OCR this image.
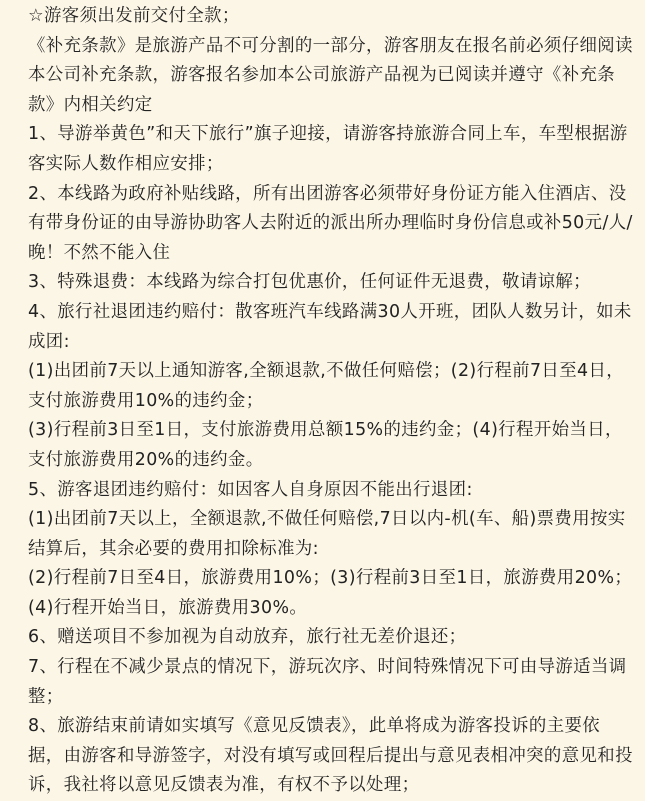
☆游客须出发前交付全款；

《补充条款》是旅游产品不可分割的一部分，游客朋友在报名前必须仔细阅读本公司补充条款，游客报名参加本公司旅游产品视为已阅读并遵守《补充条款》内相关约定

1、导游举黄色”和天下旅行”旗子迎接，请游客持旅游合同上车，车型根据游客实际人数作相应安排；

2、本线路为政府补贴线路，所有出团游客必须带好身份证方能入住酒店、没有带身份证的由导游协助客人去附近的派出所办理临时身份信息或补50元/人/晚！不然不能入住

3、特殊退费：本线路为综合打包优惠价，任何证件无退费，敬请谅解；

4、旅行社退团违约赔付：散客班汽车线路满30人开班，团队人数另计，如未成团:

(1)出团前7天以上通知游客,全额退款,不做任何赔偿；(2)行程前7日至4日，支付旅游费用10%的违约金；

(3)行程前3日至1日，支付旅游费用总额15%的违约金；(4)行程开始当日，支付旅游费用20%的违约金。

5、游客退团违约赔付：如因客人自身原因不能出行退团:

(1)出团前7天以上，全额退款,不做任何赔偿,7日以内-机(车、船)票费用按实结算后，其余必要的费用扣除标准为:

(2)行程前7日至4日，旅游费用10%；(3)行程前3日至1日，旅游费用20%；(4)行程开始当日，旅游费用30%。

6、赠送项目不参加视为自动放弃，旅行社无差价退还；

7、行程在不减少景点的情况下，游玩次序、时间特殊情况下可由导游适当调整；

8、旅游结束前请如实填写《意见反馈表》，此单将成为游客投诉的主要依据，由游客和导游签字，对没有填写或回程后提出与意见表相冲突的意见和投诉，我社将以意见反馈表为准，有权不予以处理；
